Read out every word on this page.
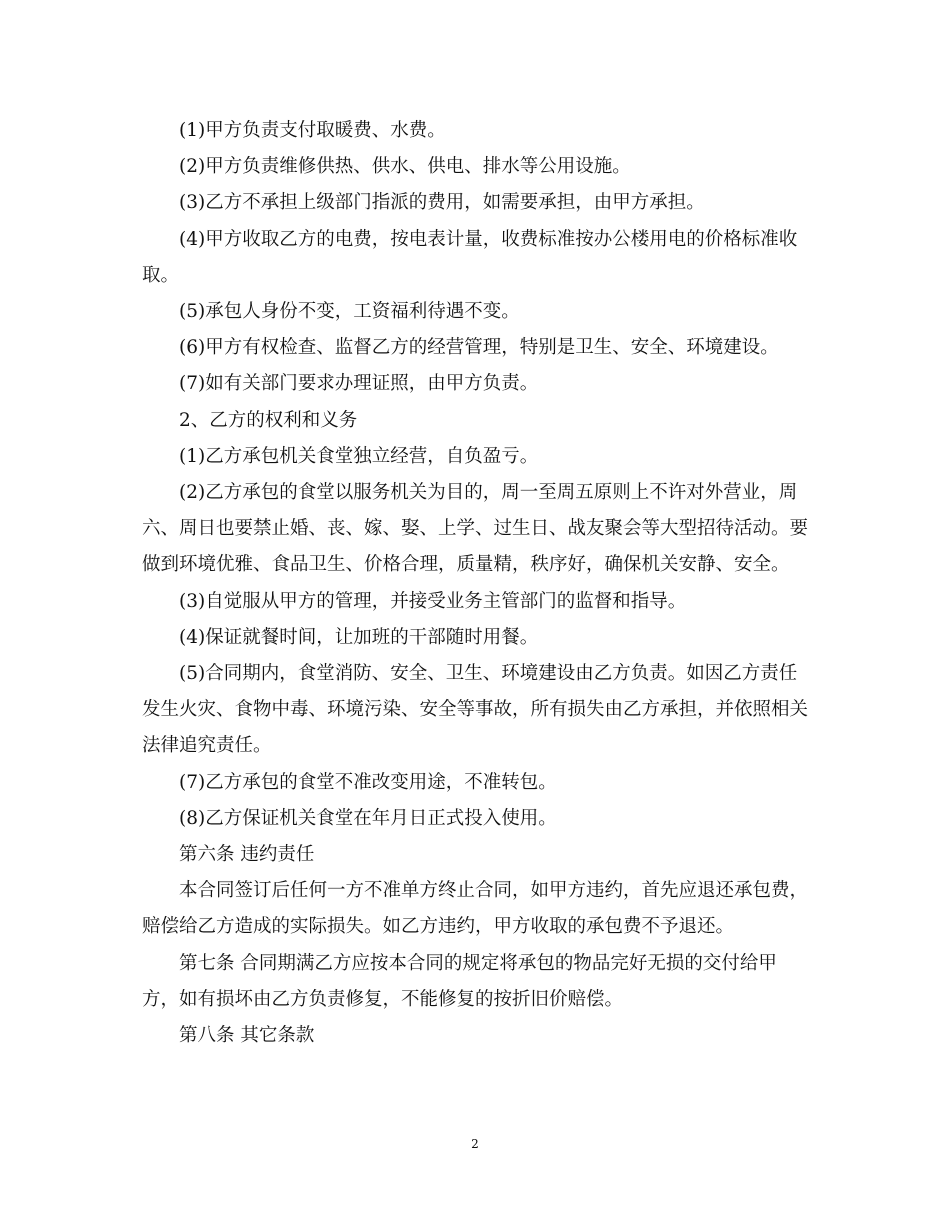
(1)甲方负责支付取暖费、水费。

(2)甲方负责维修供热、供水、供电、排水等公用设施。

(3)乙方不承担上级部门指派的费用，如需要承担，由甲方承担。

(4)甲方收取乙方的电费，按电表计量，收费标准按办公楼用电的价格标准收取。

(5)承包人身份不变，工资福利待遇不变。

(6)甲方有权检查、监督乙方的经营管理，特别是卫生、安全、环境建设。

(7)如有关部门要求办理证照，由甲方负责。

2、乙方的权利和义务

(1)乙方承包机关食堂独立经营，自负盈亏。

(2)乙方承包的食堂以服务机关为目的，周一至周五原则上不许对外营业，周六、周日也要禁止婚、丧、嫁、娶、上学、过生日、战友聚会等大型招待活动。要做到环境优雅、食品卫生、价格合理，质量精，秩序好，确保机关安静、安全。

(3)自觉服从甲方的管理，并接受业务主管部门的监督和指导。

(4)保证就餐时间，让加班的干部随时用餐。

(5)合同期内，食堂消防、安全、卫生、环境建设由乙方负责。如因乙方责任发生火灾、食物中毒、环境污染、安全等事故，所有损失由乙方承担，并依照相关法律追究责任。

(7)乙方承包的食堂不准改变用途，不准转包。

(8)乙方保证机关食堂在年月日正式投入使用。

第六条 违约责任

本合同签订后任何一方不准单方终止合同，如甲方违约，首先应退还承包费，赔偿给乙方造成的实际损失。如乙方违约，甲方收取的承包费不予退还。

第七条 合同期满乙方应按本合同的规定将承包的物品完好无损的交付给甲方，如有损坏由乙方负责修复，不能修复的按折旧价赔偿。

第八条 其它条款

2
